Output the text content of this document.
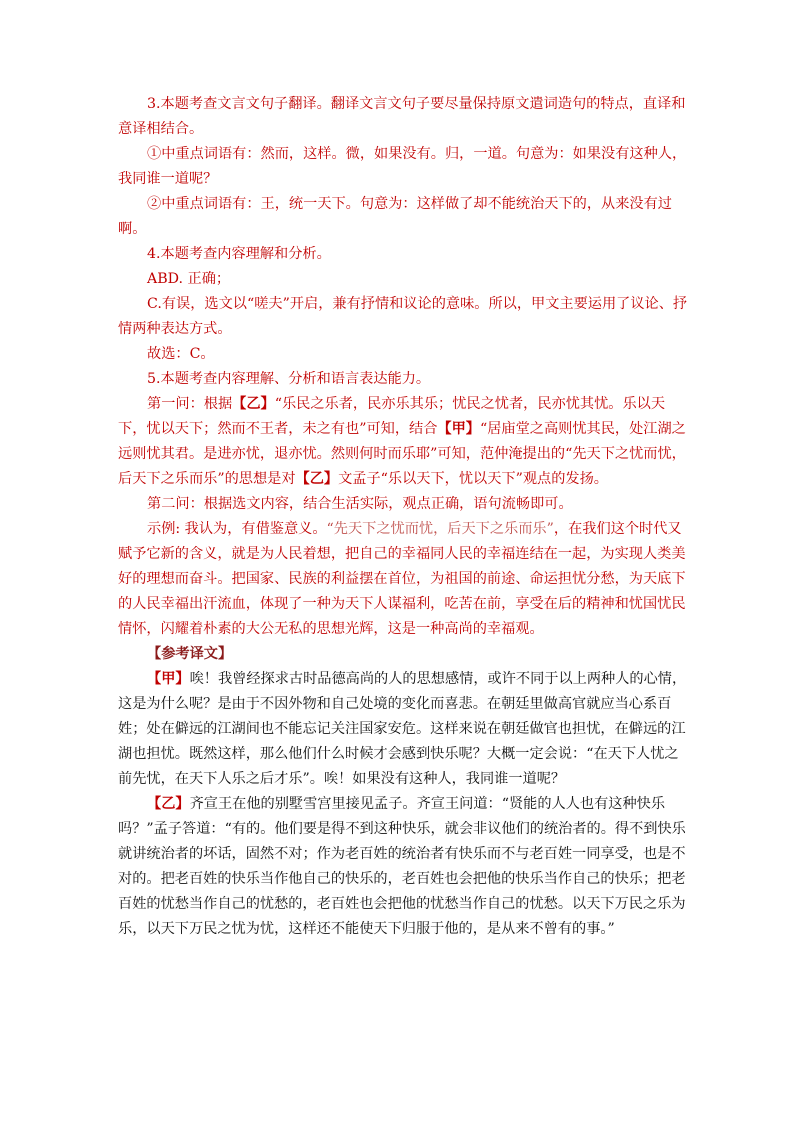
3.本题考查文言文句子翻译。翻译文言文句子要尽量保持原文遣词造句的特点，直译和意译相结合。

①中重点词语有：然而，这样。微，如果没有。归，一道。句意为：如果没有这种人，我同谁一道呢？

②中重点词语有：王，统一天下。句意为：这样做了却不能统治天下的，从来没有过啊。

4.本题考查内容理解和分析。

ABD. 正确；

C.有误，选文以“嗟夫”开启，兼有抒情和议论的意味。所以，甲文主要运用了议论、抒情两种表达方式。

故选：C。

5.本题考查内容理解、分析和语言表达能力。

第一问：根据【乙】“乐民之乐者，民亦乐其乐；忧民之忧者，民亦忧其忧。乐以天下，忧以天下；然而不王者，未之有也”可知，结合【甲】“居庙堂之高则忧其民，处江湖之远则忧其君。是进亦忧，退亦忧。然则何时而乐耶”可知，范仲淹提出的“先天下之忧而忧，后天下之乐而乐”的思想是对【乙】文孟子“乐以天下，忧以天下”观点的发扬。

第二问：根据选文内容，结合生活实际，观点正确，语句流畅即可。

示例: 我认为，有借鉴意义。“先天下之忧而忧，后天下之乐而乐”，在我们这个时代又赋予它新的含义，就是为人民着想，把自己的幸福同人民的幸福连结在一起，为实现人类美好的理想而奋斗。把国家、民族的利益摆在首位，为祖国的前途、命运担忧分愁，为天底下的人民幸福出汗流血，体现了一种为天下人谋福利，吃苦在前，享受在后的精神和忧国忧民情怀，闪耀着朴素的大公无私的思想光辉，这是一种高尚的幸福观。

【参考译文】

【甲】唉！我曾经探求古时品德高尚的人的思想感情，或许不同于以上两种人的心情，这是为什么呢？是由于不因外物和自己处境的变化而喜悲。在朝廷里做高官就应当心系百姓；处在僻远的江湖间也不能忘记关注国家安危。这样来说在朝廷做官也担忧，在僻远的江湖也担忧。既然这样，那么他们什么时候才会感到快乐呢？大概一定会说：“在天下人忧之前先忧，在天下人乐之后才乐”。唉！如果没有这种人，我同谁一道呢？

【乙】齐宣王在他的别墅雪宫里接见孟子。齐宣王问道：“贤能的人人也有这种快乐吗？”孟子答道：“有的。他们要是得不到这种快乐，就会非议他们的统治者的。得不到快乐就讲统治者的坏话，固然不对；作为老百姓的统治者有快乐而不与老百姓一同享受，也是不对的。把老百姓的快乐当作他自己的快乐的，老百姓也会把他的快乐当作自己的快乐；把老百姓的忧愁当作自己的忧愁的，老百姓也会把他的忧愁当作自己的忧愁。以天下万民之乐为乐，以天下万民之忧为忧，这样还不能使天下归服于他的，是从来不曾有的事。”
